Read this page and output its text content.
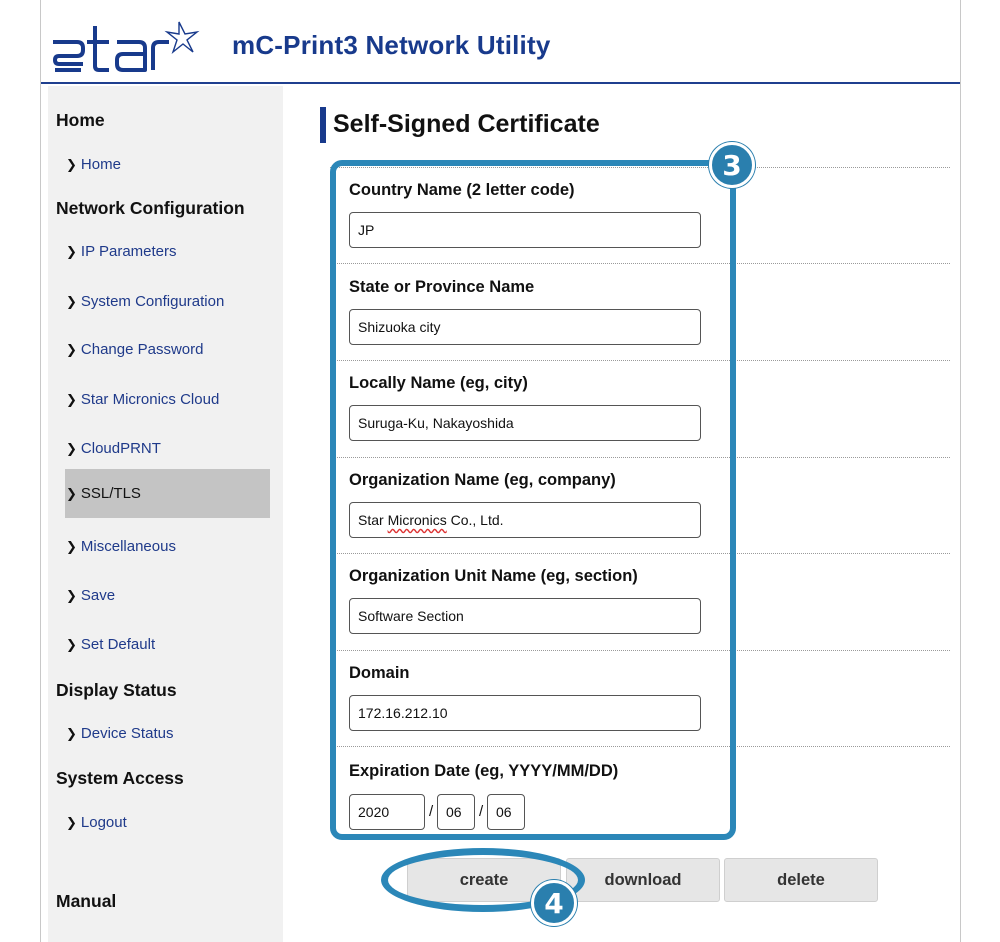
mC-Print3 Network Utility
Home
❯ Home
Network Configuration
❯ IP Parameters
❯ System Configuration
❯ Change Password
❯ Star Micronics Cloud
❯ CloudPRNT
❯ SSL/TLS
❯ Miscellaneous
❯ Save
❯ Set Default
Display Status
❯ Device Status
System Access
❯ Logout
Manual
Self-Signed Certificate
Country Name (2 letter code)
JP
State or Province Name
Shizuoka city
Locally Name (eg, city)
Suruga-Ku, Nakayoshida
Organization Name (eg, company)
Star Micronics Co., Ltd.
Organization Unit Name (eg, section)
Software Section
Domain
172.16.212.10
Expiration Date (eg, YYYY/MM/DD)
2020	/ 06	/ 06
3
create	download	delete
4
